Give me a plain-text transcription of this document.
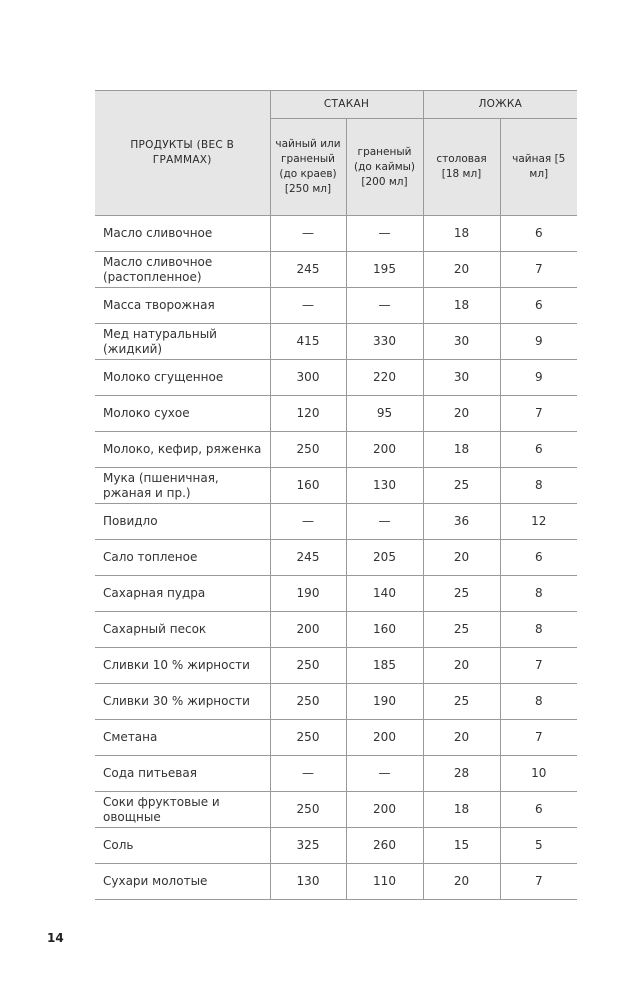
ПРОДУКТЫ (ВЕС В ГРАММАХ)	СТАКАН		ЛОЖКА	
	чайный или граненый (до краев) [250 мл]	граненый (до каймы) [200 мл]	столовая [18 мл]	чайная [5 мл]
Масло сливочное	—	—	18	6
Масло сливочное (растопленное)	245	195	20	7
Масса творожная	—	—	18	6
Мед натуральный (жидкий)	415	330	30	9
Молоко сгущенное	300	220	30	9
Молоко сухое	120	95	20	7
Молоко, кефир, ряженка	250	200	18	6
Мука (пшеничная, ржаная и пр.)	160	130	25	8
Повидло	—	—	36	12
Сало топленое	245	205	20	6
Сахарная пудра	190	140	25	8
Сахарный песок	200	160	25	8
Сливки 10 % жирности	250	185	20	7
Сливки 30 % жирности	250	190	25	8
Сметана	250	200	20	7
Сода питьевая	—	—	28	10
Соки фруктовые и овощные	250	200	18	6
Соль	325	260	15	5
Сухари молотые	130	110	20	7
14
